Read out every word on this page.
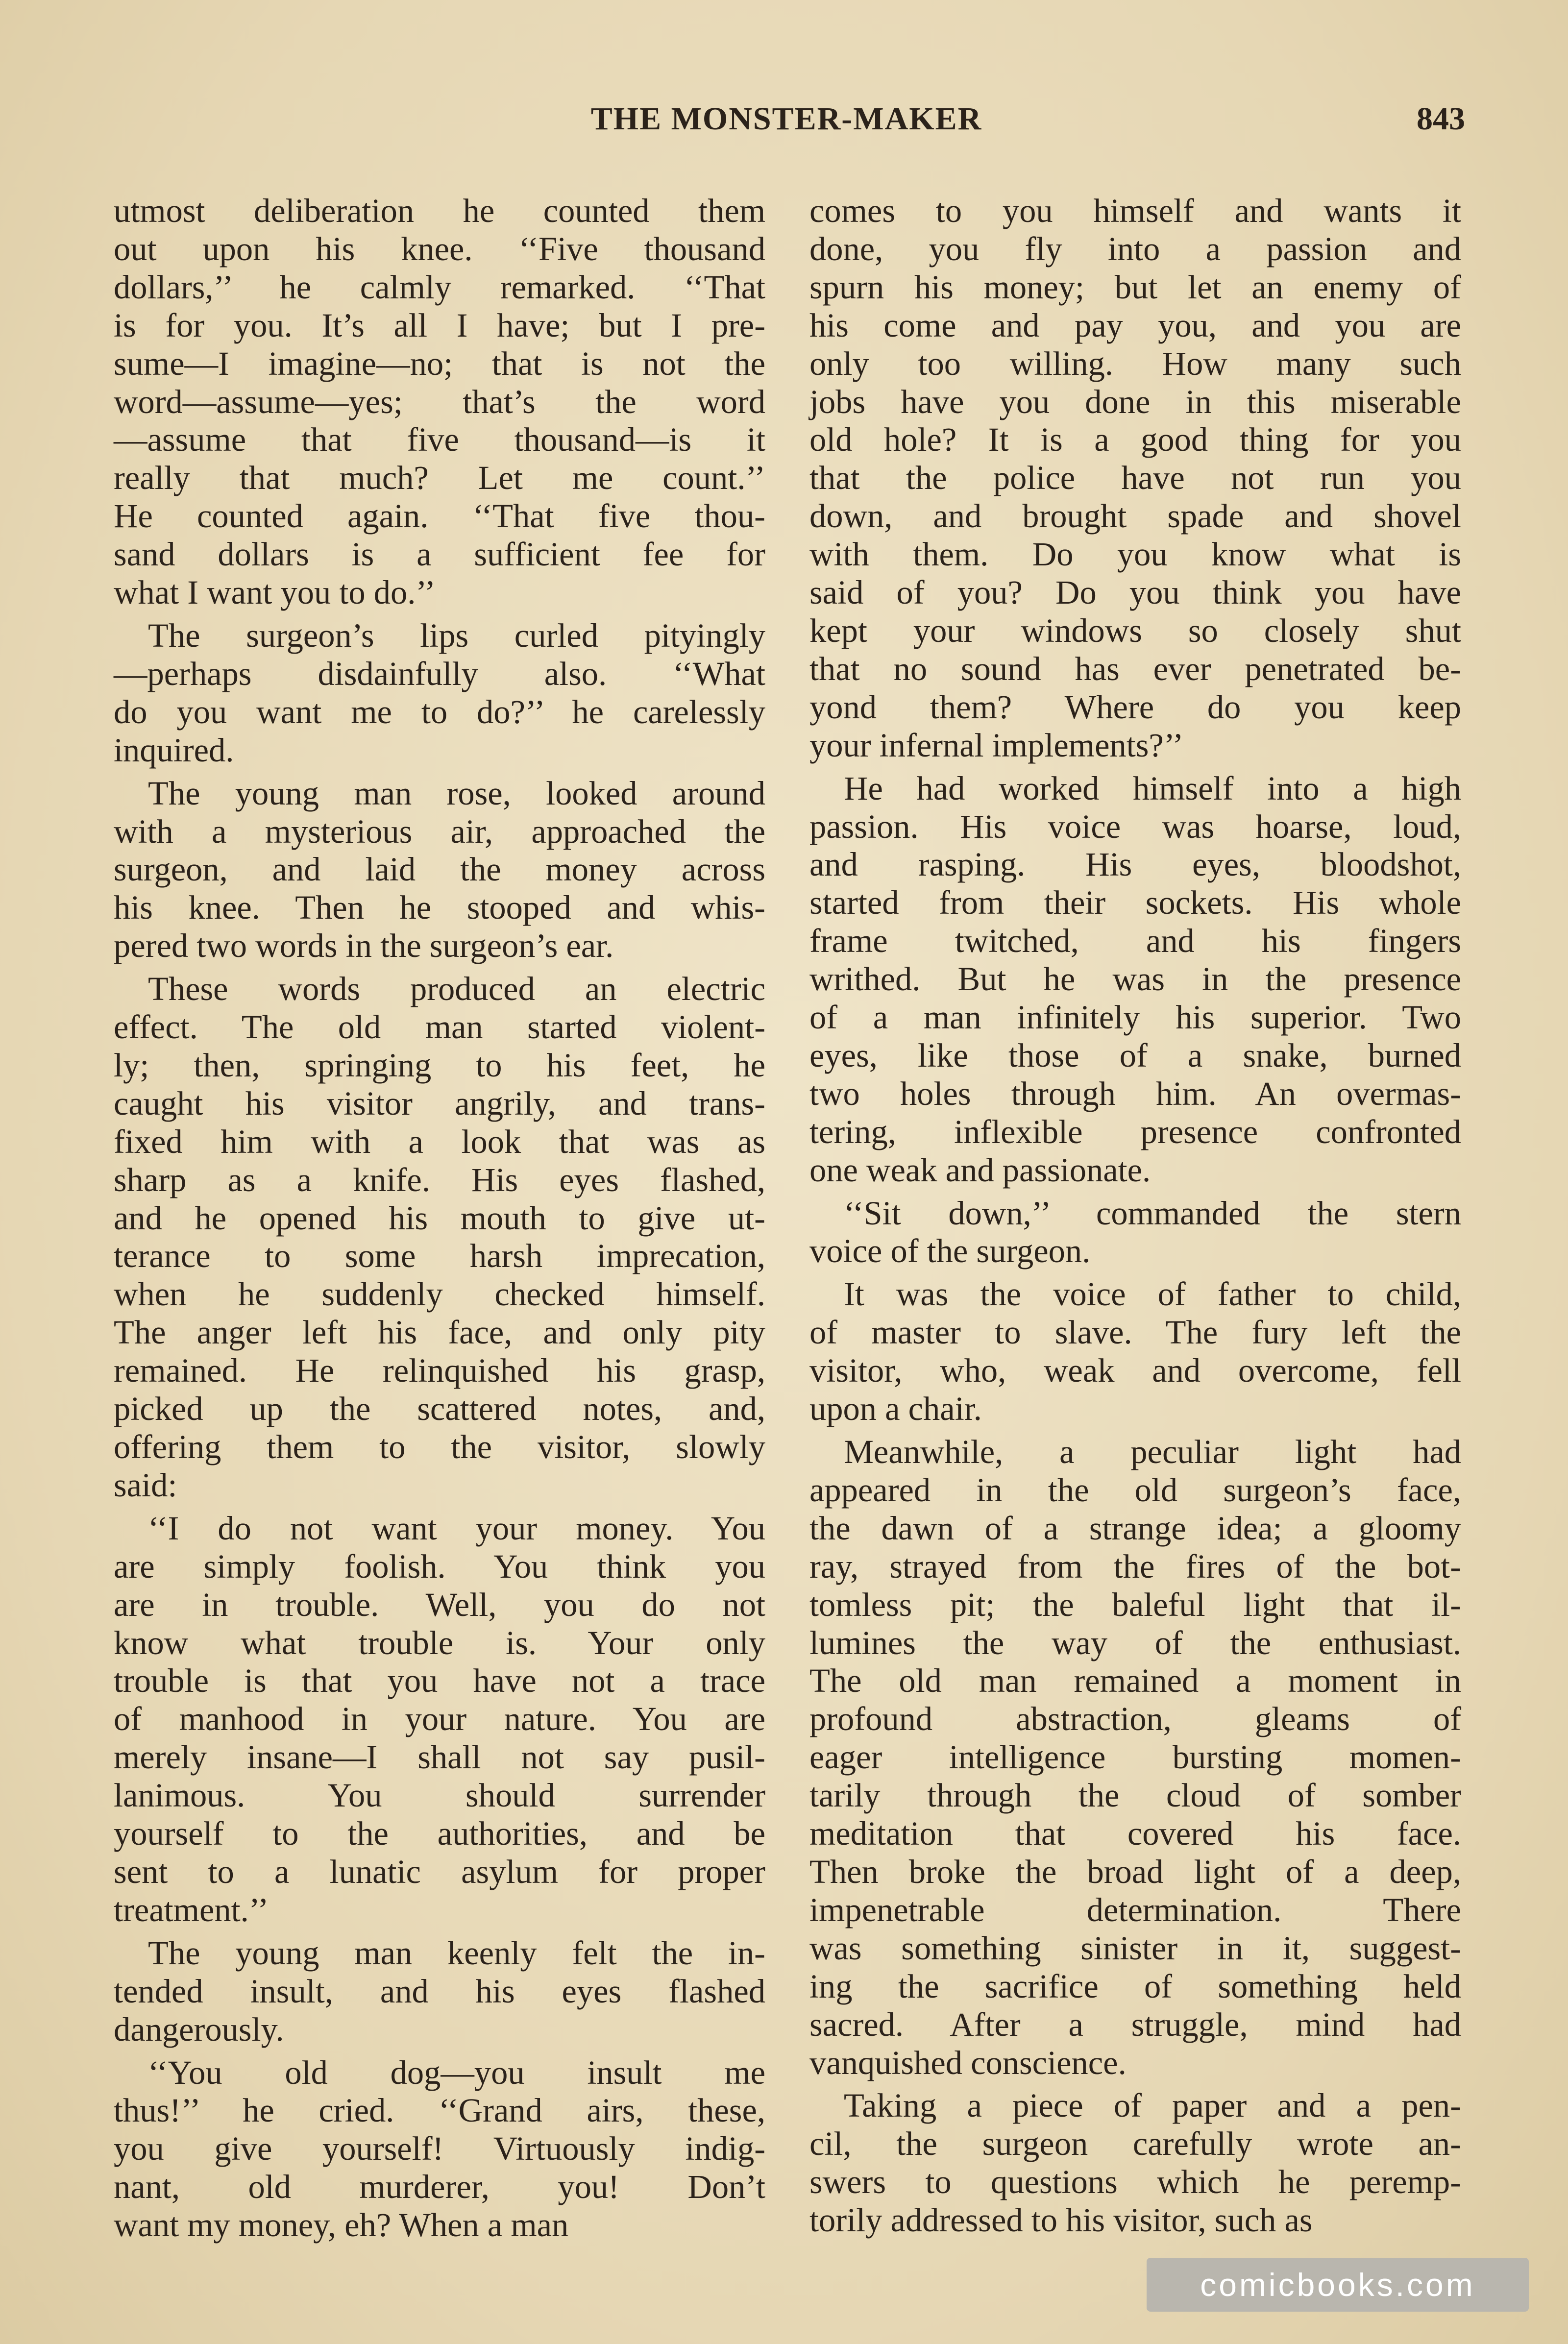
THE MONSTER-MAKER	843
utmost deliberation he counted them
out upon his knee. ‘‘Five thousand
dollars,’’ he calmly remarked. ‘‘That
is for you. It’s all I have; but I pre-
sume—I imagine—no; that is not the
word—assume—yes; that’s the word
—assume that five thousand—is it
really that much? Let me count.’’
He counted again. ‘‘That five thou-
sand dollars is a sufficient fee for
what I want you to do.’’
The surgeon’s lips curled pityingly
—perhaps disdainfully also. ‘‘What
do you want me to do?’’ he carelessly
inquired.
The young man rose, looked around
with a mysterious air, approached the
surgeon, and laid the money across
his knee. Then he stooped and whis-
pered two words in the surgeon’s ear.
These words produced an electric
effect. The old man started violent-
ly; then, springing to his feet, he
caught his visitor angrily, and trans-
fixed him with a look that was as
sharp as a knife. His eyes flashed,
and he opened his mouth to give ut-
terance to some harsh imprecation,
when he suddenly checked himself.
The anger left his face, and only pity
remained. He relinquished his grasp,
picked up the scattered notes, and,
offering them to the visitor, slowly
said:
‘‘I do not want your money. You
are simply foolish. You think you
are in trouble. Well, you do not
know what trouble is. Your only
trouble is that you have not a trace
of manhood in your nature. You are
merely insane—I shall not say pusil-
lanimous. You should surrender
yourself to the authorities, and be
sent to a lunatic asylum for proper
treatment.’’
The young man keenly felt the in-
tended insult, and his eyes flashed
dangerously.
‘‘You old dog—you insult me
thus!’’ he cried. ‘‘Grand airs, these,
you give yourself! Virtuously indig-
nant, old murderer, you! Don’t
want my money, eh? When a man
comes to you himself and wants it
done, you fly into a passion and
spurn his money; but let an enemy of
his come and pay you, and you are
only too willing. How many such
jobs have you done in this miserable
old hole? It is a good thing for you
that the police have not run you
down, and brought spade and shovel
with them. Do you know what is
said of you? Do you think you have
kept your windows so closely shut
that no sound has ever penetrated be-
yond them? Where do you keep
your infernal implements?’’
He had worked himself into a high
passion. His voice was hoarse, loud,
and rasping. His eyes, bloodshot,
started from their sockets. His whole
frame twitched, and his fingers
writhed. But he was in the presence
of a man infinitely his superior. Two
eyes, like those of a snake, burned
two holes through him. An overmas-
tering, inflexible presence confronted
one weak and passionate.
‘‘Sit down,’’ commanded the stern
voice of the surgeon.
It was the voice of father to child,
of master to slave. The fury left the
visitor, who, weak and overcome, fell
upon a chair.
Meanwhile, a peculiar light had
appeared in the old surgeon’s face,
the dawn of a strange idea; a gloomy
ray, strayed from the fires of the bot-
tomless pit; the baleful light that il-
lumines the way of the enthusiast.
The old man remained a moment in
profound abstraction, gleams of
eager intelligence bursting momen-
tarily through the cloud of somber
meditation that covered his face.
Then broke the broad light of a deep,
impenetrable determination. There
was something sinister in it, suggest-
ing the sacrifice of something held
sacred. After a struggle, mind had
vanquished conscience.
Taking a piece of paper and a pen-
cil, the surgeon carefully wrote an-
swers to questions which he peremp-
torily addressed to his visitor, such as
comicbooks.com
